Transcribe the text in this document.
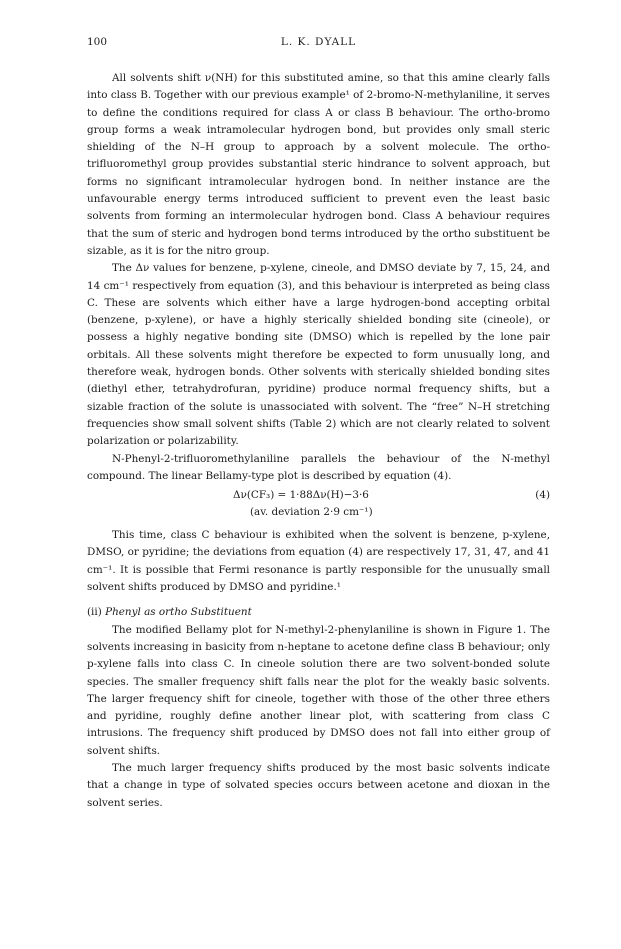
100	L. K. DYALL

All solvents shift ν(NH) for this substituted amine, so that this amine clearly falls into class B. Together with our previous example¹ of 2-bromo-N-methylaniline, it serves to define the conditions required for class A or class B behaviour. The ortho-bromo group forms a weak intramolecular hydrogen bond, but provides only small steric shielding of the N–H group to approach by a solvent molecule. The ortho-trifluoromethyl group provides substantial steric hindrance to solvent approach, but forms no significant intramolecular hydrogen bond. In neither instance are the unfavourable energy terms introduced sufficient to prevent even the least basic solvents from forming an intermolecular hydrogen bond. Class A behaviour requires that the sum of steric and hydrogen bond terms introduced by the ortho substituent be sizable, as it is for the nitro group.

The Δν values for benzene, p-xylene, cineole, and DMSO deviate by 7, 15, 24, and 14 cm⁻¹ respectively from equation (3), and this behaviour is interpreted as being class C. These are solvents which either have a large hydrogen-bond accepting orbital (benzene, p-xylene), or have a highly sterically shielded bonding site (cineole), or possess a highly negative bonding site (DMSO) which is repelled by the lone pair orbitals. All these solvents might therefore be expected to form unusually long, and therefore weak, hydrogen bonds. Other solvents with sterically shielded bonding sites (diethyl ether, tetrahydrofuran, pyridine) produce normal frequency shifts, but a sizable fraction of the solute is unassociated with solvent. The “free” N–H stretching frequencies show small solvent shifts (Table 2) which are not clearly related to solvent polarization or polarizability.

N-Phenyl-2-trifluoromethylaniline parallels the behaviour of the N-methyl compound. The linear Bellamy-type plot is described by equation (4).

Δν(CF₃) = 1·88Δν(H)−3·6	(4)
(av. deviation 2·9 cm⁻¹)

This time, class C behaviour is exhibited when the solvent is benzene, p-xylene, DMSO, or pyridine; the deviations from equation (4) are respectively 17, 31, 47, and 41 cm⁻¹. It is possible that Fermi resonance is partly responsible for the unusually small solvent shifts produced by DMSO and pyridine.¹

(ii) Phenyl as ortho Substituent

The modified Bellamy plot for N-methyl-2-phenylaniline is shown in Figure 1. The solvents increasing in basicity from n-heptane to acetone define class B behaviour; only p-xylene falls into class C. In cineole solution there are two solvent-bonded solute species. The smaller frequency shift falls near the plot for the weakly basic solvents. The larger frequency shift for cineole, together with those of the other three ethers and pyridine, roughly define another linear plot, with scattering from class C intrusions. The frequency shift produced by DMSO does not fall into either group of solvent shifts.

The much larger frequency shifts produced by the most basic solvents indicate that a change in type of solvated species occurs between acetone and dioxan in the solvent series.
